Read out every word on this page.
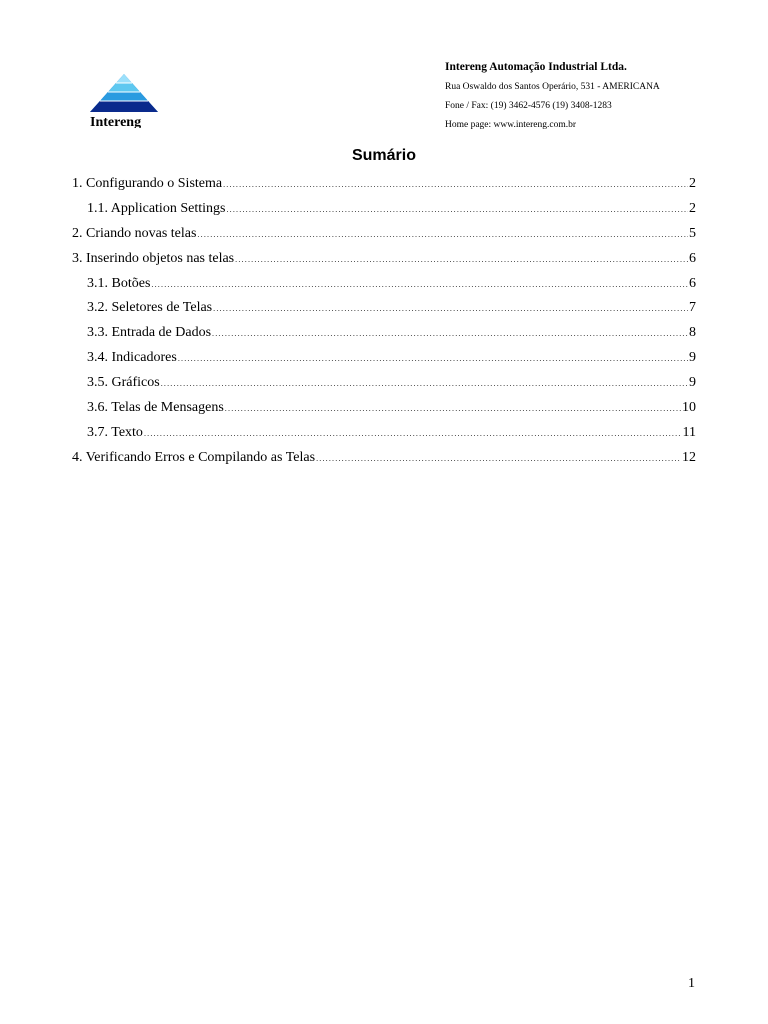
Intereng
Intereng Automação Industrial Ltda.
Rua Oswaldo dos Santos Operário, 531 - AMERICANA
Fone / Fax: (19) 3462-4576 (19) 3408-1283
Home page: www.intereng.com.br
Sumário
1. Configurando o Sistema .....	2
1.1. Application Settings .....	2
2. Criando novas telas .....	5
3. Inserindo objetos nas telas .....	6
3.1. Botões .....	6
3.2. Seletores de Telas .....	7
3.3. Entrada de Dados .....	8
3.4. Indicadores .....	9
3.5. Gráficos .....	9
3.6. Telas de Mensagens .....	10
3.7. Texto .....	11
4. Verificando Erros e Compilando as Telas .....	12
1
